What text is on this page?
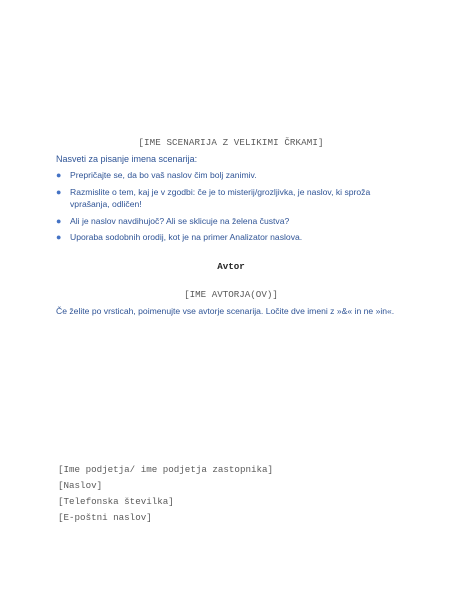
[IME SCENARIJA Z VELIKIMI ČRKAMI]
Nasveti za pisanje imena scenarija:
● Prepričajte se, da bo vaš naslov čim bolj zanimiv.
● Razmislite o tem, kaj je v zgodbi: če je to misterij/grozljivka, je naslov, ki sproža vprašanja, odličen!
● Ali je naslov navdihujoč? Ali se sklicuje na želena čustva?
● Uporaba sodobnih orodij, kot je na primer Analizator naslova.
Avtor
[IME AVTORJA(OV)]
Če želite po vrsticah, poimenujte vse avtorje scenarija. Ločite dve imeni z »&« in ne »in«.
[Ime podjetja/ ime podjetja zastopnika]
[Naslov]
[Telefonska številka]
[E-poštni naslov]
